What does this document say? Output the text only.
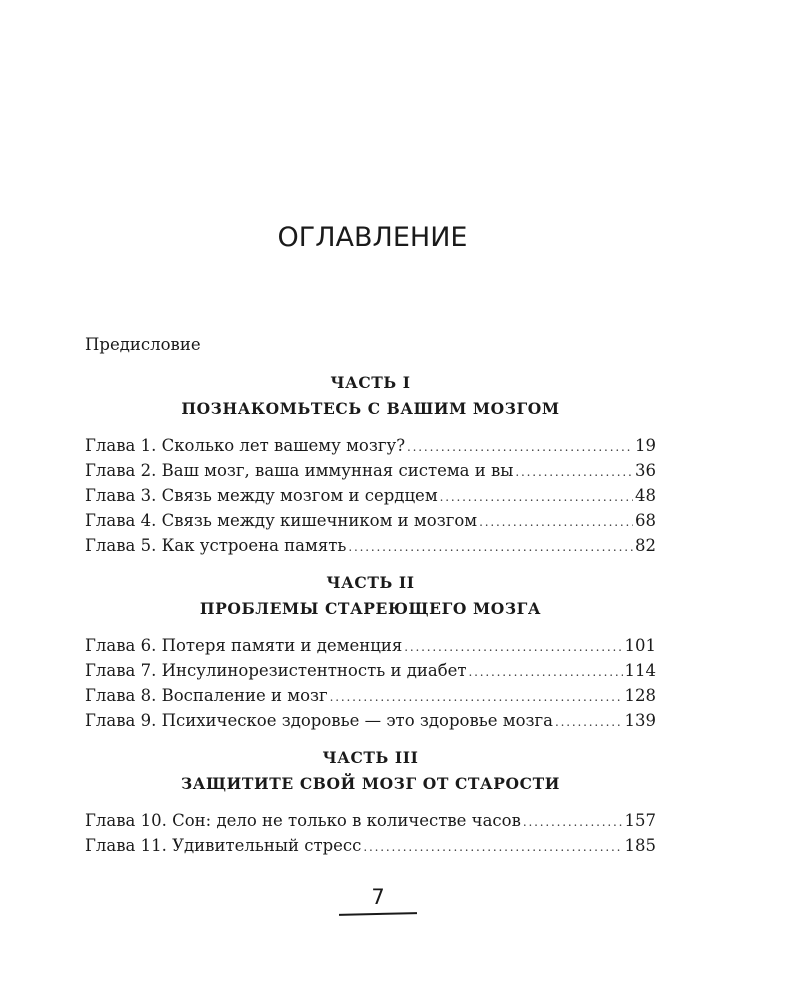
ОГЛАВЛЕНИЕ
Предисловие
ЧАСТЬ I
ПОЗНАКОМЬТЕСЬ С ВАШИМ МОЗГОМ
Глава 1. Сколько лет вашему мозгу? . . .	19
Глава 2. Ваш мозг, ваша иммунная система и вы . . .	36
Глава 3. Связь между мозгом и сердцем . . .	48
Глава 4. Связь между кишечником и мозгом . . .	68
Глава 5. Как устроена память . . .	82
ЧАСТЬ II
ПРОБЛЕМЫ СТАРЕЮЩЕГО МОЗГА
Глава 6. Потеря памяти и деменция . . .	101
Глава 7. Инсулинорезистентность и диабет . . .	114
Глава 8. Воспаление и мозг . . .	128
Глава 9. Психическое здоровье — это здоровье мозга . . .	139
ЧАСТЬ III
ЗАЩИТИТЕ СВОЙ МОЗГ ОТ СТАРОСТИ
Глава 10. Сон: дело не только в количестве часов . . .	157
Глава 11. Удивительный стресс . . .	185
7
